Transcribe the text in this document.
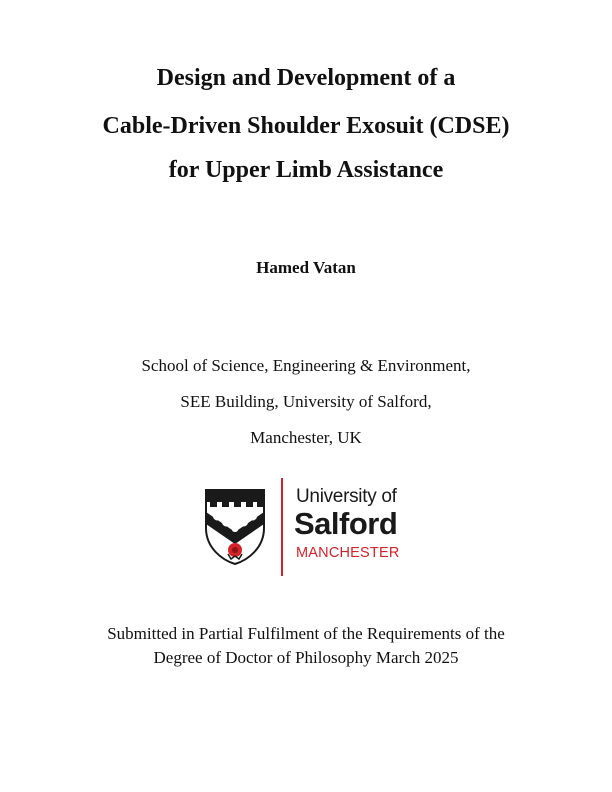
Design and Development of a
Cable-Driven Shoulder Exosuit (CDSE)
for Upper Limb Assistance

Hamed Vatan

School of Science, Engineering & Environment,

SEE Building, University of Salford,

Manchester, UK

University of
Salford
MANCHESTER

Submitted in Partial Fulfilment of the Requirements of the

Degree of Doctor of Philosophy March 2025
